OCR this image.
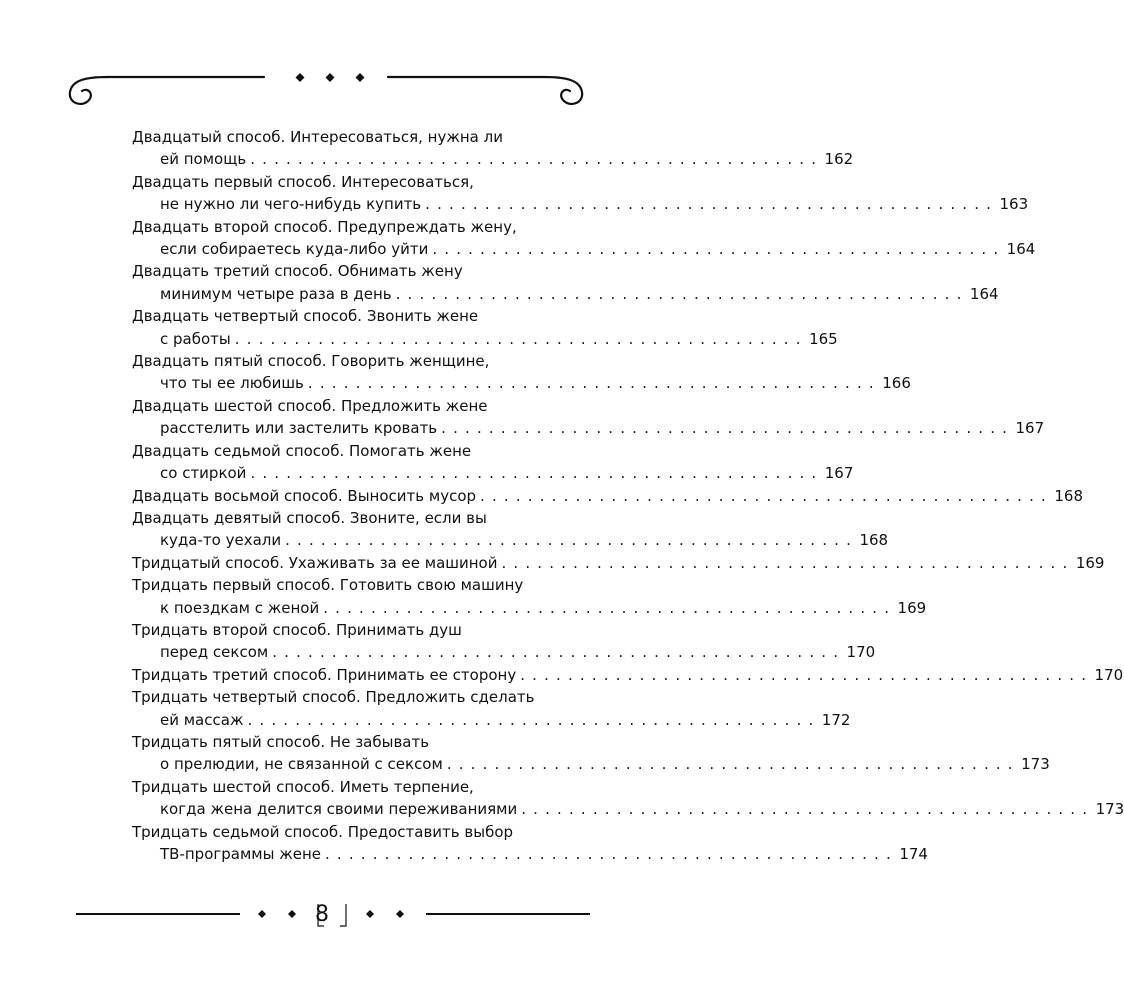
Двадцатый способ. Интересоваться, нужна ли
ей помощь . . . . . . . . . . . . . . . . . . . . . . . . . . . . . . . . . . . . . . . . . . . . . . . . 162
Двадцать первый способ. Интересоваться,
не нужно ли чего-нибудь купить . . . . . . . . . . . . . . . . . . . . . . . . . . . . . . . . . . . . . . . . . . . . . . . . 163
Двадцать второй способ. Предупреждать жену,
если собираетесь куда-либо уйти . . . . . . . . . . . . . . . . . . . . . . . . . . . . . . . . . . . . . . . . . . . . . . . . 164
Двадцать третий способ. Обнимать жену
минимум четыре раза в день . . . . . . . . . . . . . . . . . . . . . . . . . . . . . . . . . . . . . . . . . . . . . . . . 164
Двадцать четвертый способ. Звонить жене
с работы . . . . . . . . . . . . . . . . . . . . . . . . . . . . . . . . . . . . . . . . . . . . . . . . 165
Двадцать пятый способ. Говорить женщине,
что ты ее любишь . . . . . . . . . . . . . . . . . . . . . . . . . . . . . . . . . . . . . . . . . . . . . . . . 166
Двадцать шестой способ. Предложить жене
расстелить или застелить кровать . . . . . . . . . . . . . . . . . . . . . . . . . . . . . . . . . . . . . . . . . . . . . . . . 167
Двадцать седьмой способ. Помогать жене
со стиркой . . . . . . . . . . . . . . . . . . . . . . . . . . . . . . . . . . . . . . . . . . . . . . . . 167
Двадцать восьмой способ. Выносить мусор . . . . . . . . . . . . . . . . . . . . . . . . . . . . . . . . . . . . . . . . . . . . . . . . 168
Двадцать девятый способ. Звоните, если вы
куда-то уехали . . . . . . . . . . . . . . . . . . . . . . . . . . . . . . . . . . . . . . . . . . . . . . . . 168
Тридцатый способ. Ухаживать за ее машиной . . . . . . . . . . . . . . . . . . . . . . . . . . . . . . . . . . . . . . . . . . . . . . . . 169
Тридцать первый способ. Готовить свою машину
к поездкам с женой . . . . . . . . . . . . . . . . . . . . . . . . . . . . . . . . . . . . . . . . . . . . . . . . 169
Тридцать второй способ. Принимать душ
перед сексом . . . . . . . . . . . . . . . . . . . . . . . . . . . . . . . . . . . . . . . . . . . . . . . . 170
Тридцать третий способ. Принимать ее сторону . . . . . . . . . . . . . . . . . . . . . . . . . . . . . . . . . . . . . . . . . . . . . . . . 170
Тридцать четвертый способ. Предложить сделать
ей массаж . . . . . . . . . . . . . . . . . . . . . . . . . . . . . . . . . . . . . . . . . . . . . . . . 172
Тридцать пятый способ. Не забывать
о прелюдии, не связанной с сексом . . . . . . . . . . . . . . . . . . . . . . . . . . . . . . . . . . . . . . . . . . . . . . . . 173
Тридцать шестой способ. Иметь терпение,
когда жена делится своими переживаниями . . . . . . . . . . . . . . . . . . . . . . . . . . . . . . . . . . . . . . . . . . . . . . . . 173
Тридцать седьмой способ. Предоставить выбор
ТВ-программы жене . . . . . . . . . . . . . . . . . . . . . . . . . . . . . . . . . . . . . . . . . . . . . . . . 174
8
